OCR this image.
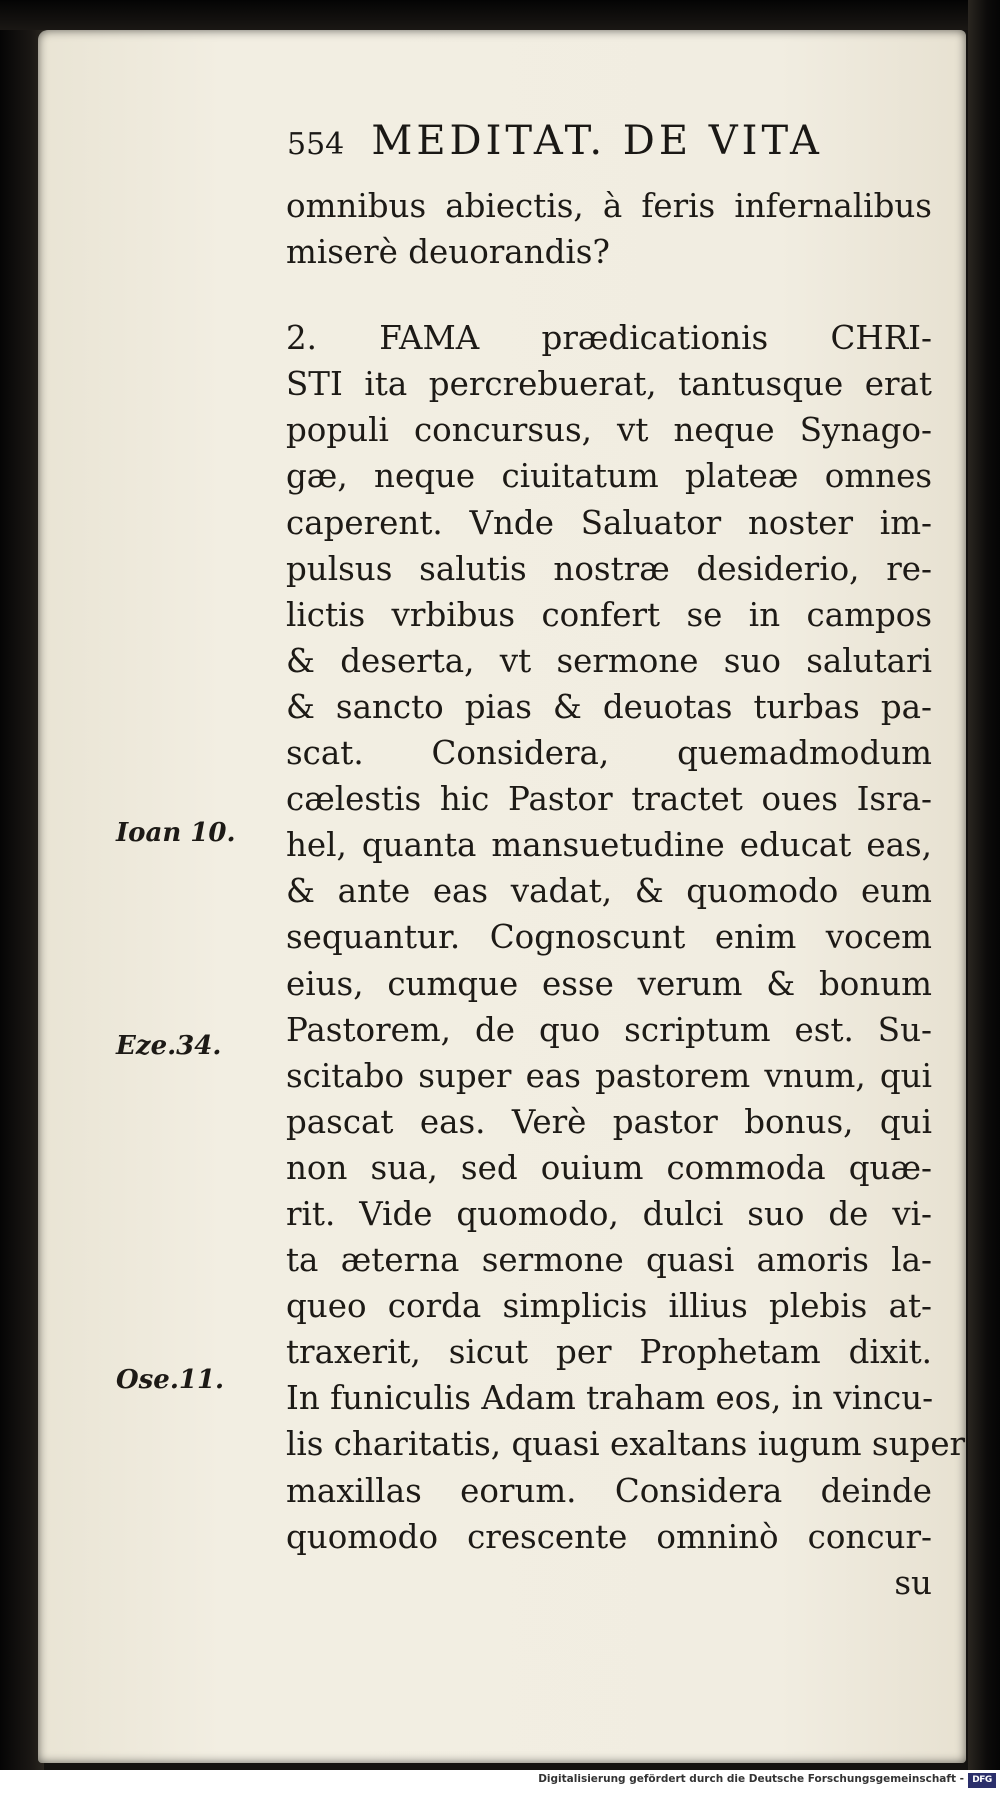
554 MEDITAT. DE VITA
omnibus abiectis, à feris infernalibus
miserè deuorandis?
2. FAMA prædicationis CHRI-
STI ita percrebuerat, tantusque erat
populi concursus, vt neque Synago-
gæ, neque ciuitatum plateæ omnes
caperent. Vnde Saluator noster im-
pulsus salutis nostræ desiderio, re-
lictis vrbibus confert se in campos
& deserta, vt sermone suo salutari
& sancto pias & deuotas turbas pa-
scat. Considera, quemadmodum
cælestis hic Pastor tractet oues Isra-
hel, quanta mansuetudine educat eas,
& ante eas vadat, & quomodo eum
sequantur. Cognoscunt enim vocem
eius, cumque esse verum & bonum
Pastorem, de quo scriptum est. Su-
scitabo super eas pastorem vnum, qui
pascat eas. Verè pastor bonus, qui
non sua, sed ouium commoda quæ-
rit. Vide quomodo, dulci suo de vi-
ta æterna sermone quasi amoris la-
queo corda simplicis illius plebis at-
traxerit, sicut per Prophetam dixit.
In funiculis Adam traham eos, in vincu-
lis charitatis, quasi exaltans iugum super
maxillas eorum. Considera deinde
quomodo crescente omninò concur-
su
Ioan 10.
Eze.34.
Ose.11.
Digitalisierung gefördert durch die Deutsche Forschungsgemeinschaft - DFG
